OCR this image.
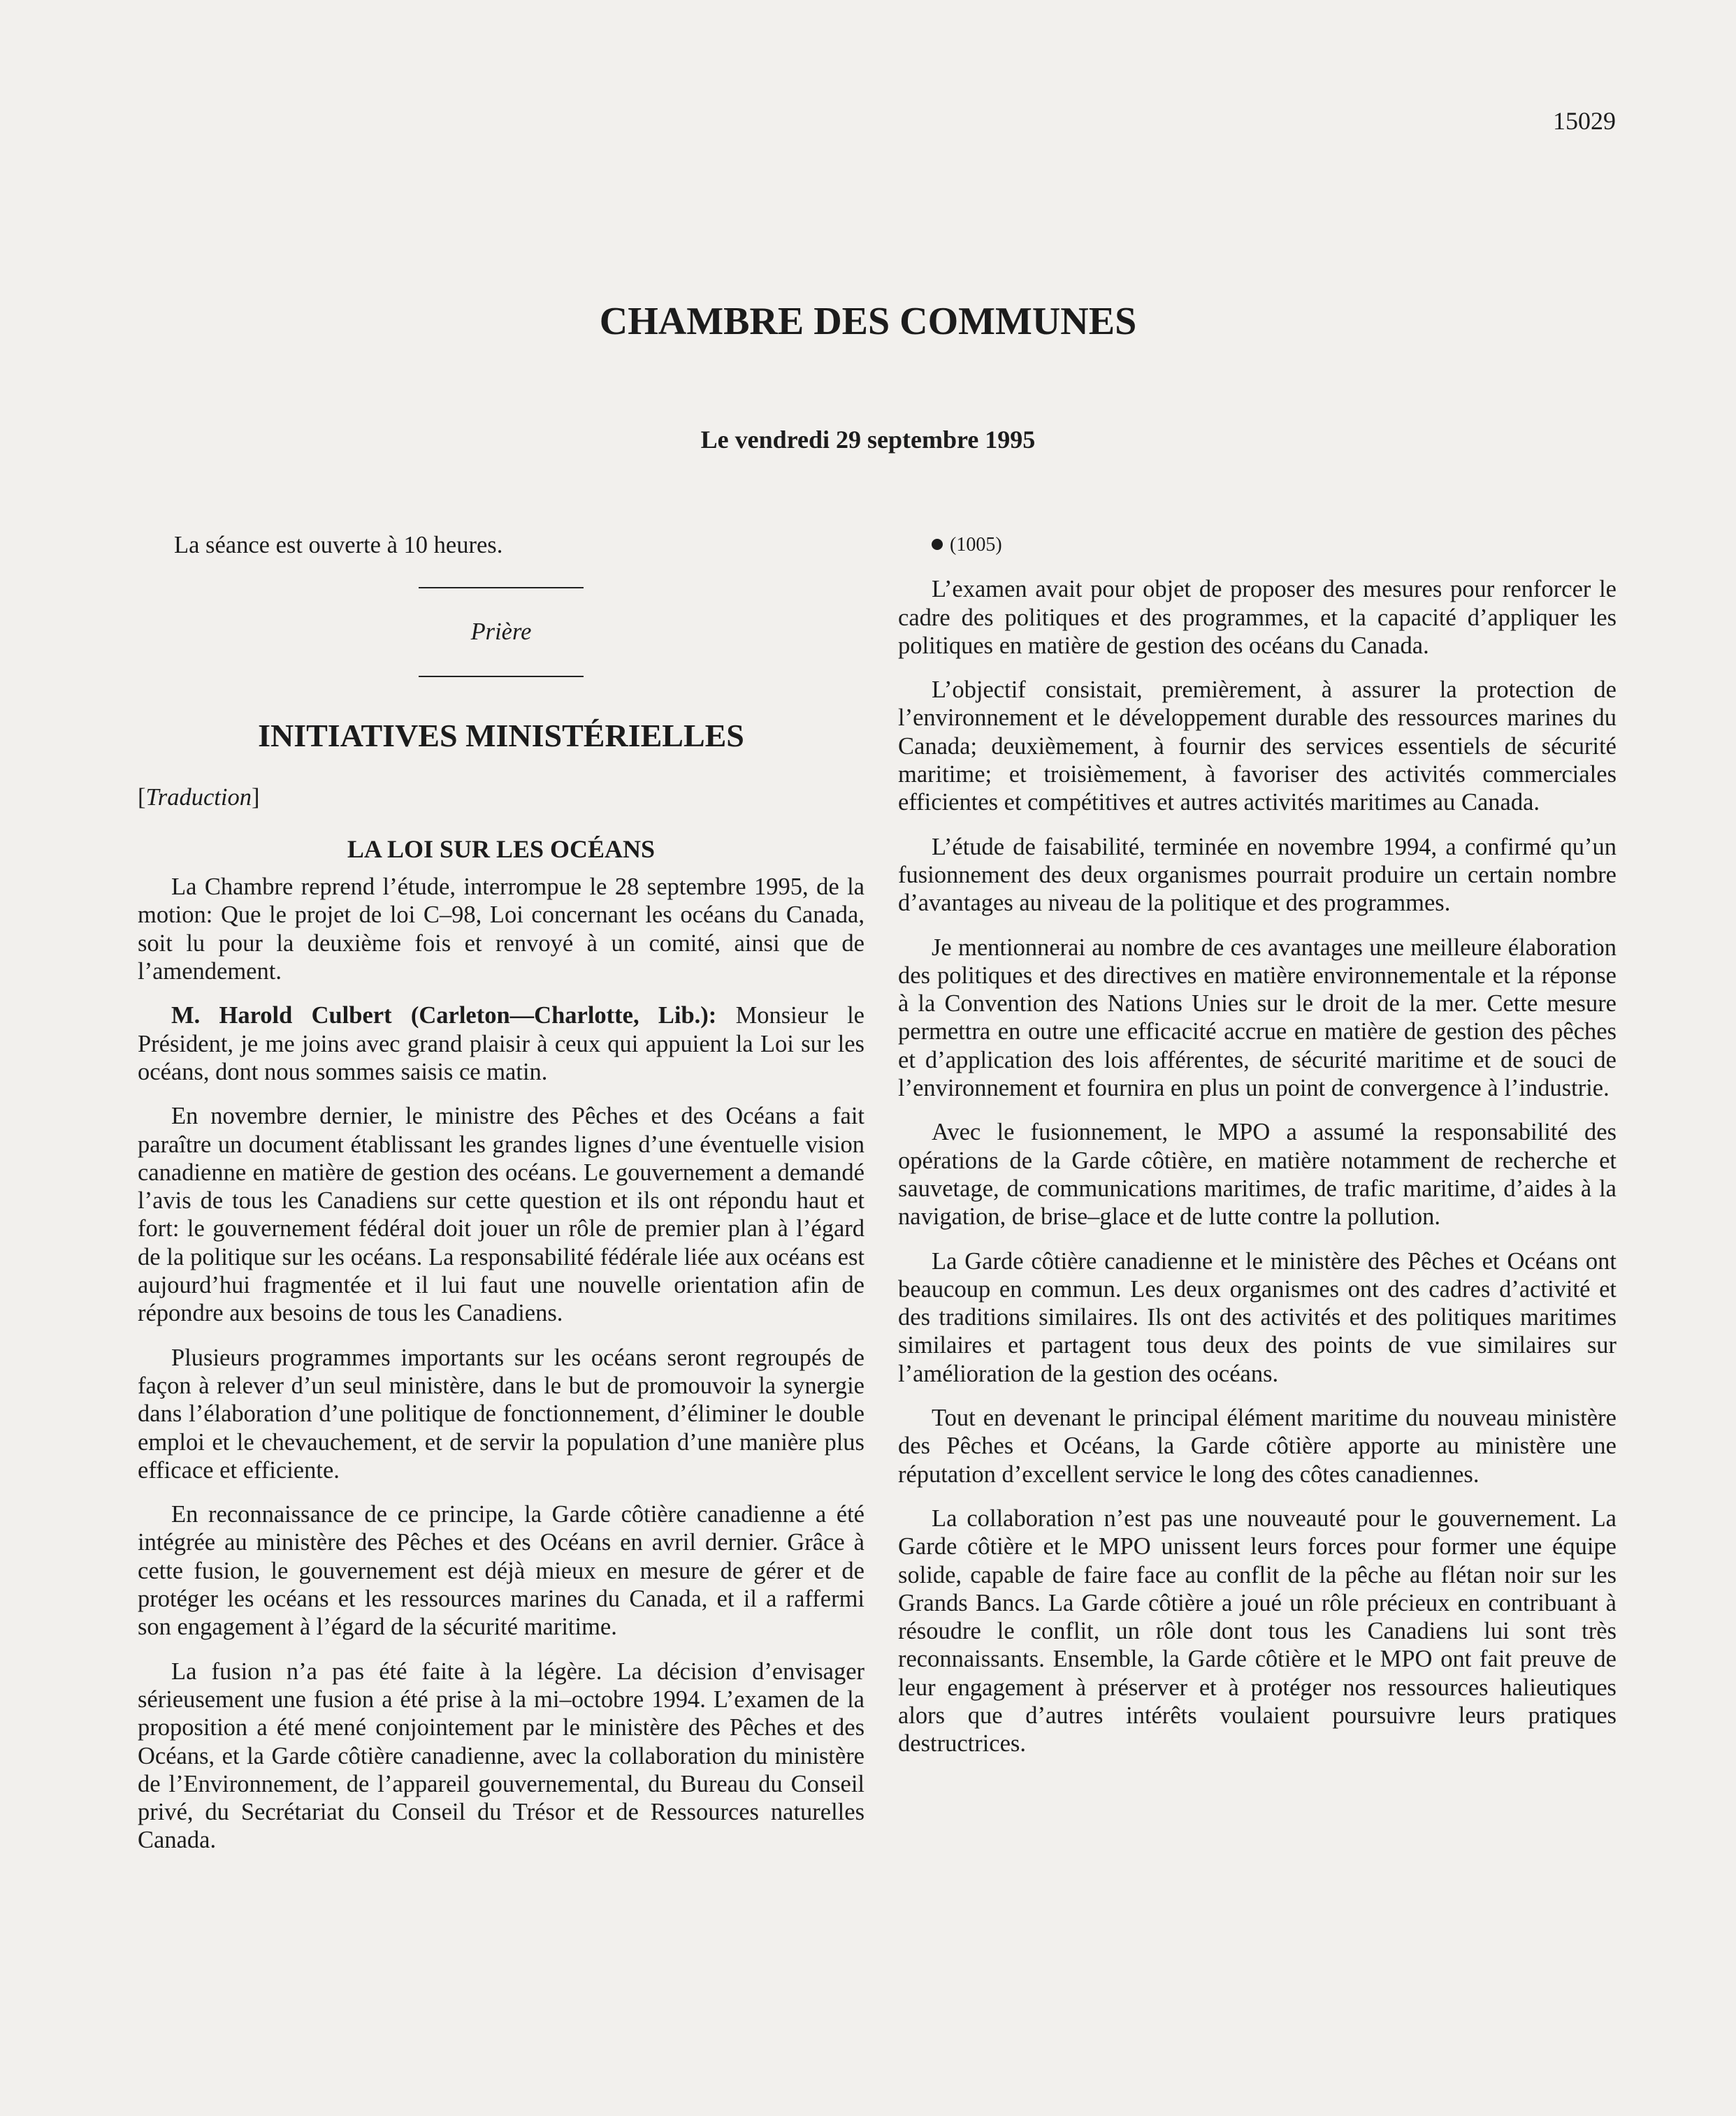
15029
CHAMBRE DES COMMUNES
Le vendredi 29 septembre 1995

La séance est ouverte à 10 heures.

Prière
INITIATIVES MINISTÉRIELLES
[Traduction]
LA LOI SUR LES OCÉANS

La Chambre reprend l’étude, interrompue le 28 septembre 1995, de la motion: Que le projet de loi C–98, Loi concernant les océans du Canada, soit lu pour la deuxième fois et renvoyé à un comité, ainsi que de l’amendement.

M. Harold Culbert (Carleton—Charlotte, Lib.): Monsieur le Président, je me joins avec grand plaisir à ceux qui appuient la Loi sur les océans, dont nous sommes saisis ce matin.

En novembre dernier, le ministre des Pêches et des Océans a fait paraître un document établissant les grandes lignes d’une éventuelle vision canadienne en matière de gestion des océans. Le gouvernement a demandé l’avis de tous les Canadiens sur cette question et ils ont répondu haut et fort: le gouvernement fédéral doit jouer un rôle de premier plan à l’égard de la politique sur les océans. La responsabilité fédérale liée aux océans est aujourd’hui fragmentée et il lui faut une nouvelle orientation afin de répondre aux besoins de tous les Canadiens.

Plusieurs programmes importants sur les océans seront regroupés de façon à relever d’un seul ministère, dans le but de promouvoir la synergie dans l’élaboration d’une politique de fonctionnement, d’éliminer le double emploi et le chevauchement, et de servir la population d’une manière plus efficace et efficiente.

En reconnaissance de ce principe, la Garde côtière canadienne a été intégrée au ministère des Pêches et des Océans en avril dernier. Grâce à cette fusion, le gouvernement est déjà mieux en mesure de gérer et de protéger les océans et les ressources marines du Canada, et il a raffermi son engagement à l’égard de la sécurité maritime.

La fusion n’a pas été faite à la légère. La décision d’envisager sérieusement une fusion a été prise à la mi–octobre 1994. L’examen de la proposition a été mené conjointement par le ministère des Pêches et des Océans, et la Garde côtière canadienne, avec la collaboration du ministère de l’Environnement, de l’appareil gouvernemental, du Bureau du Conseil privé, du Secrétariat du Conseil du Trésor et de Ressources naturelles Canada.

(1005)

L’examen avait pour objet de proposer des mesures pour renforcer le cadre des politiques et des programmes, et la capacité d’appliquer les politiques en matière de gestion des océans du Canada.

L’objectif consistait, premièrement, à assurer la protection de l’environnement et le développement durable des ressources marines du Canada; deuxièmement, à fournir des services essentiels de sécurité maritime; et troisièmement, à favoriser des activités commerciales efficientes et compétitives et autres activités maritimes au Canada.

L’étude de faisabilité, terminée en novembre 1994, a confirmé qu’un fusionnement des deux organismes pourrait produire un certain nombre d’avantages au niveau de la politique et des programmes.

Je mentionnerai au nombre de ces avantages une meilleure élaboration des politiques et des directives en matière environnementale et la réponse à la Convention des Nations Unies sur le droit de la mer. Cette mesure permettra en outre une efficacité accrue en matière de gestion des pêches et d’application des lois afférentes, de sécurité maritime et de souci de l’environnement et fournira en plus un point de convergence à l’industrie.

Avec le fusionnement, le MPO a assumé la responsabilité des opérations de la Garde côtière, en matière notamment de recherche et sauvetage, de communications maritimes, de trafic maritime, d’aides à la navigation, de brise–glace et de lutte contre la pollution.

La Garde côtière canadienne et le ministère des Pêches et Océans ont beaucoup en commun. Les deux organismes ont des cadres d’activité et des traditions similaires. Ils ont des activités et des politiques maritimes similaires et partagent tous deux des points de vue similaires sur l’amélioration de la gestion des océans.

Tout en devenant le principal élément maritime du nouveau ministère des Pêches et Océans, la Garde côtière apporte au ministère une réputation d’excellent service le long des côtes canadiennes.

La collaboration n’est pas une nouveauté pour le gouvernement. La Garde côtière et le MPO unissent leurs forces pour former une équipe solide, capable de faire face au conflit de la pêche au flétan noir sur les Grands Bancs. La Garde côtière a joué un rôle précieux en contribuant à résoudre le conflit, un rôle dont tous les Canadiens lui sont très reconnaissants. Ensemble, la Garde côtière et le MPO ont fait preuve de leur engagement à préserver et à protéger nos ressources halieutiques alors que d’autres intérêts voulaient poursuivre leurs pratiques destructrices.
